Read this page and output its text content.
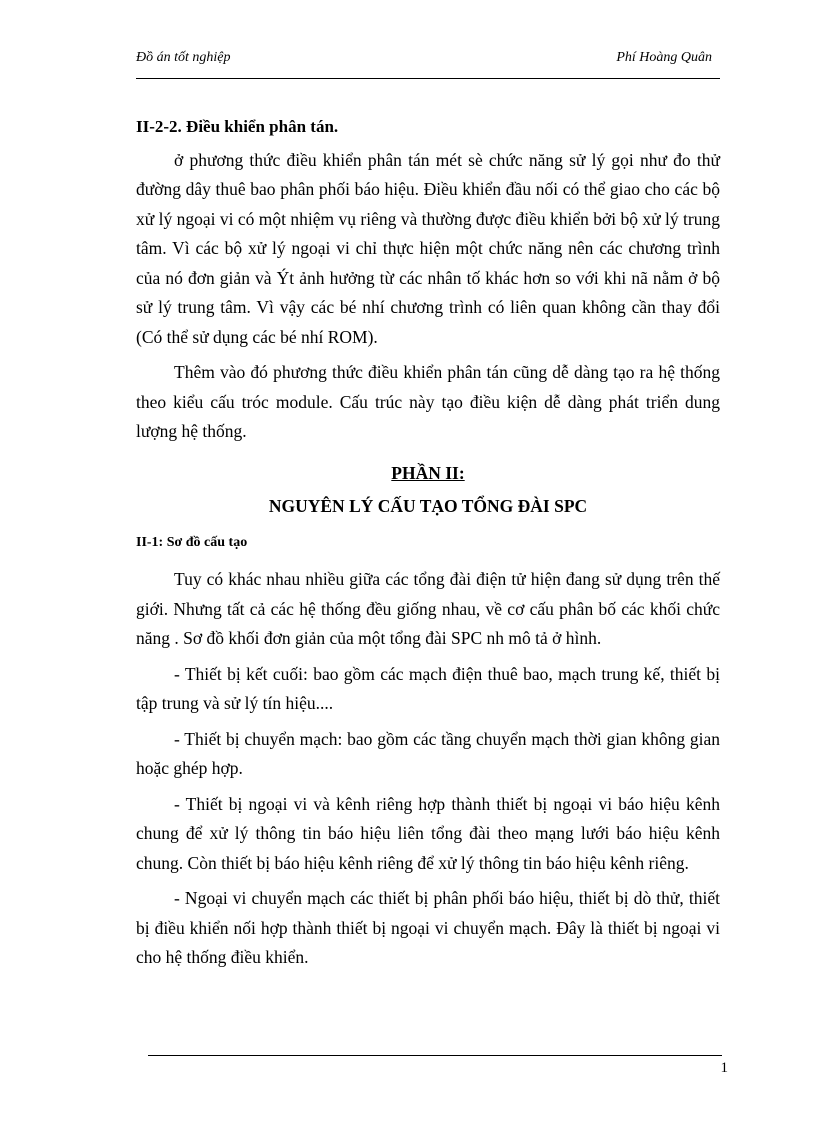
Đồ án tốt nghiệp	Phí Hoàng Quân
II-2-2. Điều khiển phân tán.

ở phương thức điều khiển phân tán mét sè chức năng sử lý gọi như đo thử đường dây thuê bao phân phối báo hiệu. Điều khiển đầu nối có thể giao cho các bộ xử lý ngoại vi có một nhiệm vụ riêng và thường được điều khiển bởi bộ xử lý trung tâm. Vì các bộ xử lý ngoại vi chỉ thực hiện một chức năng nên các chương trình của nó đơn giản và Ýt ảnh hưởng từ các nhân tố khác hơn so với khi nã nằm ở bộ sử lý trung tâm. Vì vậy các bé nhí chương trình có liên quan không cần thay đổi (Có thể sử dụng các bé nhí ROM).

Thêm vào đó phương thức điều khiển phân tán cũng dễ dàng tạo ra hệ thống theo kiểu cấu tróc module. Cấu trúc này tạo điều kiện dễ dàng phát triển dung lượng hệ thống.

PHẦN II:
NGUYÊN LÝ CẤU TẠO TỔNG ĐÀI SPC
II-1: Sơ đồ cấu tạo

Tuy có khác nhau nhiều giữa các tổng đài điện tử hiện đang sử dụng trên thế giới. Nhưng tất cả các hệ thống đều giống nhau, về cơ cấu phân bố các khối chức năng . Sơ đồ khối đơn giản của một tổng đài SPC nh mô tả ở hình.

- Thiết bị kết cuối: bao gồm các mạch điện thuê bao, mạch trung kế, thiết bị tập trung và sử lý tín hiệu....

- Thiết bị chuyển mạch: bao gồm các tầng chuyển mạch thời gian không gian hoặc ghép hợp.

- Thiết bị ngoại vi và kênh riêng hợp thành thiết bị ngoại vi báo hiệu kênh chung để xử lý thông tin báo hiệu liên tổng đài theo mạng lưới báo hiệu kênh chung. Còn thiết bị báo hiệu kênh riêng để xử lý thông tin báo hiệu kênh riêng.

- Ngoại vi chuyển mạch các thiết bị phân phối báo hiệu, thiết bị dò thử, thiết bị điều khiển nối hợp thành thiết bị ngoại vi chuyển mạch. Đây là thiết bị ngoại vi cho hệ thống điều khiển.

1
